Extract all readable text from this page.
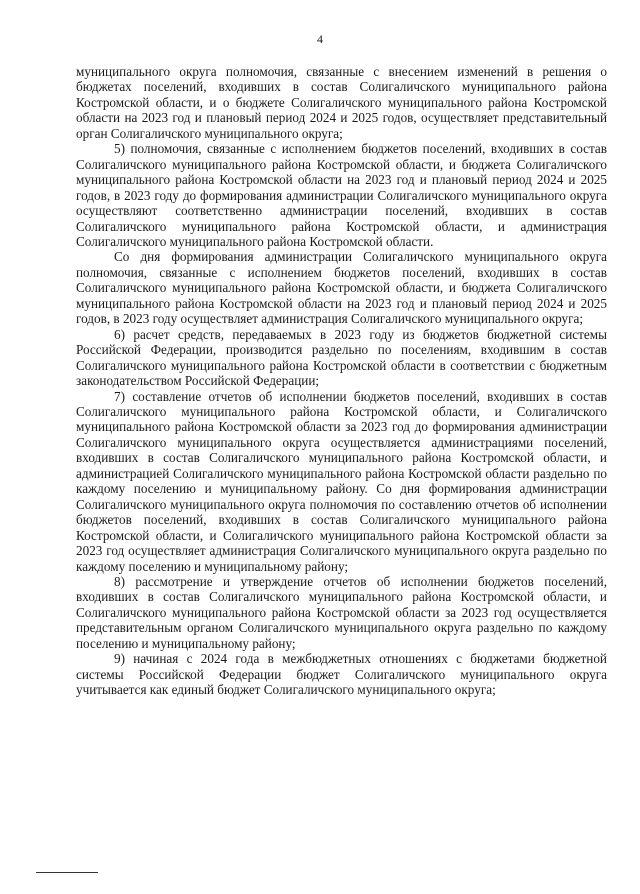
4

муниципального округа полномочия, связанные с внесением изменений в решения о бюджетах поселений, входивших в состав Солигаличского муниципального района Костромской области, и о бюджете Солигаличского муниципального района Костромской области на 2023 год и плановый период 2024 и 2025 годов, осуществляет представительный орган Солигаличского муниципального округа;

5) полномочия, связанные с исполнением бюджетов поселений, входивших в состав Солигаличского муниципального района Костромской области, и бюджета Солигаличского муниципального района Костромской области на 2023 год и плановый период 2024 и 2025 годов, в 2023 году до формирования администрации Солигаличского муниципального округа осуществляют соответственно администрации поселений, входивших в состав Солигаличского муниципального района Костромской области, и администрация Солигаличского муниципального района Костромской области.

Со дня формирования администрации Солигаличского муниципального округа полномочия, связанные с исполнением бюджетов поселений, входивших в состав Солигаличского муниципального района Костромской области, и бюджета Солигаличского муниципального района Костромской области на 2023 год и плановый период 2024 и 2025 годов, в 2023 году осуществляет администрация Солигаличского муниципального округа;

6) расчет средств, передаваемых в 2023 году из бюджетов бюджетной системы Российской Федерации, производится раздельно по поселениям, входившим в состав Солигаличского муниципального района Костромской области в соответствии с бюджетным законодательством Российской Федерации;

7) составление отчетов об исполнении бюджетов поселений, входивших в состав Солигаличского муниципального района Костромской области, и Солигаличского муниципального района Костромской области за 2023 год до формирования администрации Солигаличского муниципального округа осуществляется администрациями поселений, входивших в состав Солигаличского муниципального района Костромской области, и администрацией Солигаличского муниципального района Костромской области раздельно по каждому поселению и муниципальному району. Со дня формирования администрации Солигаличского муниципального округа полномочия по составлению отчетов об исполнении бюджетов поселений, входивших в состав Солигаличского муниципального района Костромской области, и Солигаличского муниципального района Костромской области за 2023 год осуществляет администрация Солигаличского муниципального округа раздельно по каждому поселению и муниципальному району;

8) рассмотрение и утверждение отчетов об исполнении бюджетов поселений, входивших в состав Солигаличского муниципального района Костромской области, и Солигаличского муниципального района Костромской области за 2023 год осуществляется представительным органом Солигаличского муниципального округа раздельно по каждому поселению и муниципальному району;

9) начиная с 2024 года в межбюджетных отношениях с бюджетами бюджетной системы Российской Федерации бюджет Солигаличского муниципального округа учитывается как единый бюджет Солигаличского муниципального округа;
